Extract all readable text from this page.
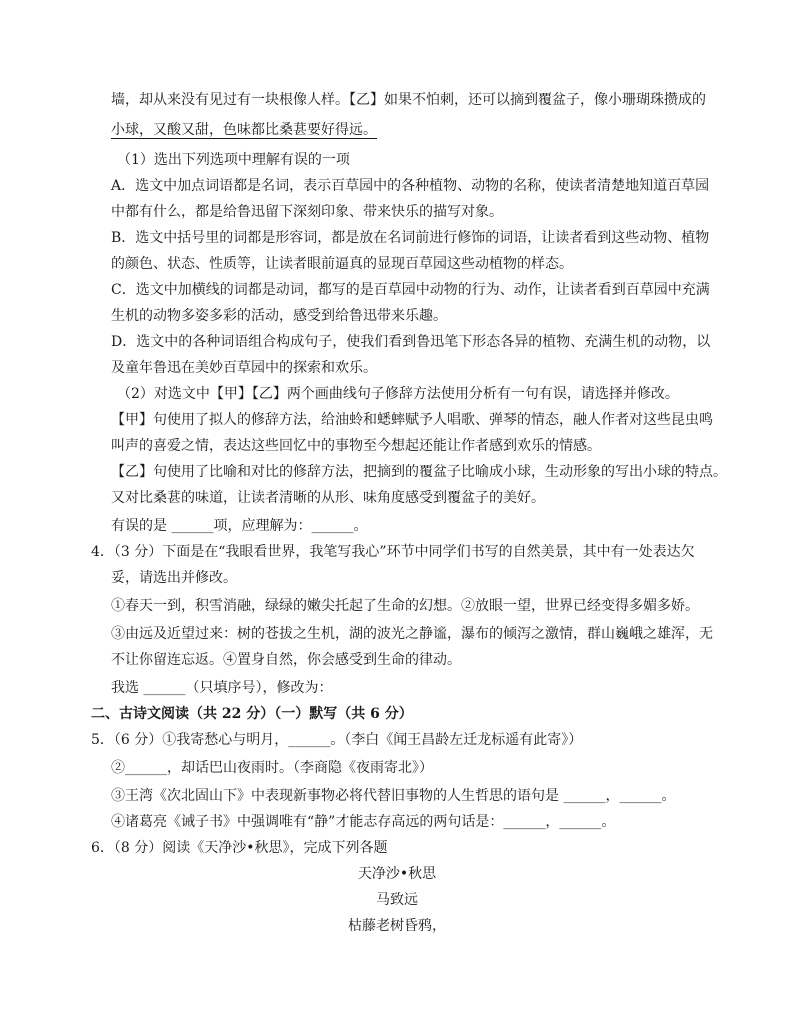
墙，却从来没有见过有一块根像人样。【乙】如果不怕刺，还可以摘到覆盆子，像小珊瑚珠攒成的
小球，又酸又甜，色味都比桑葚要好得远。
（1）选出下列选项中理解有误的一项
A．选文中加点词语都是名词，表示百草园中的各种植物、动物的名称，使读者清楚地知道百草园
中都有什么，都是给鲁迅留下深刻印象、带来快乐的描写对象。
B．选文中括号里的词都是形容词，都是放在名词前进行修饰的词语，让读者看到这些动物、植物
的颜色、状态、性质等，让读者眼前逼真的显现百草园这些动植物的样态。
C．选文中加横线的词都是动词，都写的是百草园中动物的行为、动作，让读者看到百草园中充满
生机的动物多姿多彩的活动，感受到给鲁迅带来乐趣。
D．选文中的各种词语组合构成句子，使我们看到鲁迅笔下形态各异的植物、充满生机的动物，以
及童年鲁迅在美妙百草园中的探索和欢乐。
（2）对选文中【甲】【乙】两个画曲线句子修辞方法使用分析有一句有误，请选择并修改。
【甲】句使用了拟人的修辞方法，给油蛉和蟋蟀赋予人唱歌、弹琴的情态，融人作者对这些昆虫鸣
叫声的喜爱之情，表达这些回忆中的事物至今想起还能让作者感到欢乐的情感。
【乙】句使用了比喻和对比的修辞方法，把摘到的覆盆子比喻成小球，生动形象的写出小球的特点。
又对比桑葚的味道，让读者清晰的从形、味角度感受到覆盆子的美好。
有误的是 ______项，应理解为：______。
4．（3 分）下面是在“我眼看世界，我笔写我心”环节中同学们书写的自然美景，其中有一处表达欠
妥，请选出并修改。
①春天一到，积雪消融，绿绿的嫩尖托起了生命的幻想。②放眼一望，世界已经变得多媚多娇。
③由远及近望过来：树的苍拔之生机，湖的波光之静谧，瀑布的倾泻之激情，群山巍峨之雄浑，无
不让你留连忘返。④置身自然，你会感受到生命的律动。
我选 ______（只填序号），修改为：
二、古诗文阅读（共 22 分）（一）默写（共 6 分）
5．（6 分）①我寄愁心与明月，______。（李白《闻王昌龄左迁龙标遥有此寄》）
②______，却话巴山夜雨时。（李商隐《夜雨寄北》）
③王湾《次北固山下》中表现新事物必将代替旧事物的人生哲思的语句是 ______，______。
④诸葛亮《诫子书》中强调唯有“静”才能志存高远的两句话是：______，______。
6．（8 分）阅读《天净沙•秋思》，完成下列各题
天净沙•秋思
马致远
枯藤老树昏鸦，
